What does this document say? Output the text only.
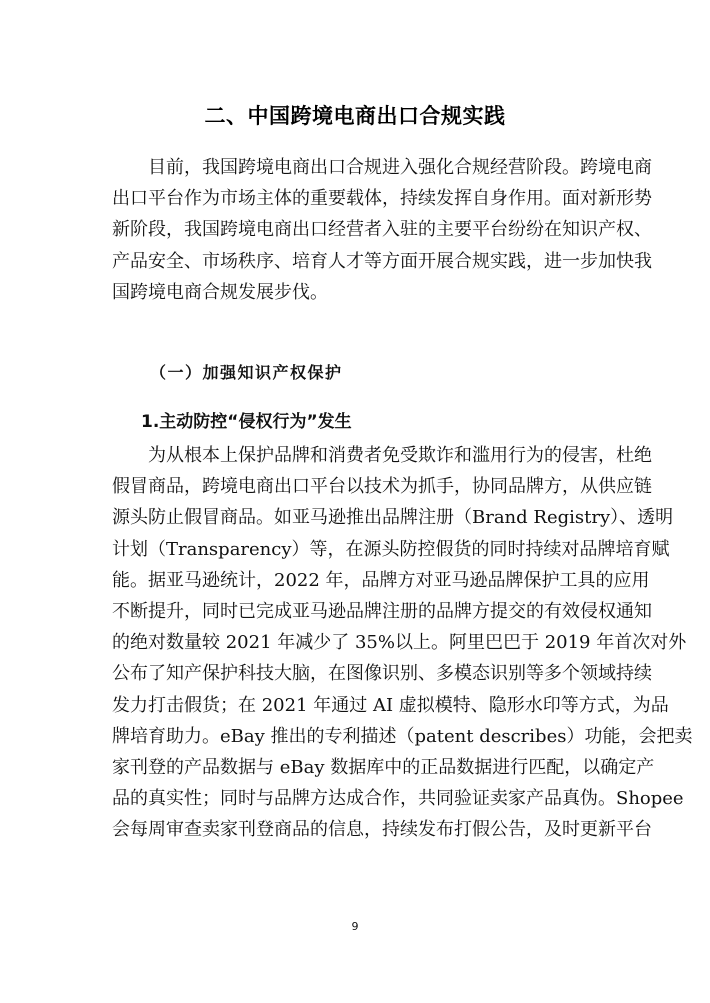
二、中国跨境电商出口合规实践
目前，我国跨境电商出口合规进入强化合规经营阶段。跨境电商
出口平台作为市场主体的重要载体，持续发挥自身作用。面对新形势
新阶段，我国跨境电商出口经营者入驻的主要平台纷纷在知识产权、
产品安全、市场秩序、培育人才等方面开展合规实践，进一步加快我
国跨境电商合规发展步伐。
（一）加强知识产权保护
1.主动防控“侵权行为”发生
为从根本上保护品牌和消费者免受欺诈和滥用行为的侵害，杜绝
假冒商品，跨境电商出口平台以技术为抓手，协同品牌方，从供应链
源头防止假冒商品。如亚马逊推出品牌注册（Brand Registry）、透明
计划（Transparency）等，在源头防控假货的同时持续对品牌培育赋
能。据亚马逊统计，2022 年，品牌方对亚马逊品牌保护工具的应用
不断提升，同时已完成亚马逊品牌注册的品牌方提交的有效侵权通知
的绝对数量较 2021 年减少了 35%以上。阿里巴巴于 2019 年首次对外
公布了知产保护科技大脑，在图像识别、多模态识别等多个领域持续
发力打击假货；在 2021 年通过 AI 虚拟模特、隐形水印等方式，为品
牌培育助力。eBay 推出的专利描述（patent describes）功能，会把卖
家刊登的产品数据与 eBay 数据库中的正品数据进行匹配，以确定产
品的真实性；同时与品牌方达成合作，共同验证卖家产品真伪。Shopee
会每周审查卖家刊登商品的信息，持续发布打假公告，及时更新平台
9
